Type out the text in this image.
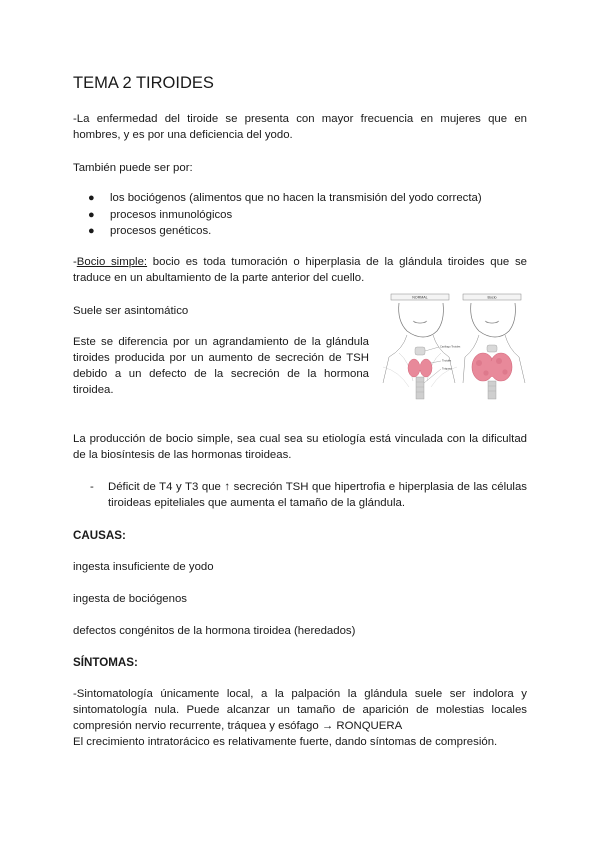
TEMA 2 TIROIDES

-La enfermedad del tiroide se presenta con mayor frecuencia en mujeres que en hombres, y es por una deficiencia del yodo.

También puede ser por:

● los bociógenos (alimentos que no hacen la transmisión del yodo correcta)
● procesos inmunológicos
● procesos genéticos.

-Bocio simple: bocio es toda tumoración o hiperplasia de la glándula tiroides que se traduce en un abultamiento de la parte anterior del cuello.

Suele ser asintomático

Este se diferencia por un agrandamiento de la glándula tiroides producida por un aumento de secreción de TSH debido a un defecto de la secreción de la hormona tiroidea.

NORMAL
Cartílago Tiroides
Tiroides
Tráquea
Bocio

La producción de bocio simple, sea cual sea su etiología está vinculada con la dificultad de la biosíntesis de las hormonas tiroideas.

- Déficit de T4 y T3 que ↑ secreción TSH que hipertrofia e hiperplasia de las células tiroideas epiteliales que aumenta el tamaño de la glándula.

CAUSAS:

ingesta insuficiente de yodo

ingesta de bociógenos

defectos congénitos de la hormona tiroidea (heredados)

SÍNTOMAS:

-Sintomatología únicamente local, a la palpación la glándula suele ser indolora y sintomatología nula. Puede alcanzar un tamaño de aparición de molestias locales compresión nervio recurrente, tráquea y esófago → RONQUERA

El crecimiento intratorácico es relativamente fuerte, dando síntomas de compresión.
